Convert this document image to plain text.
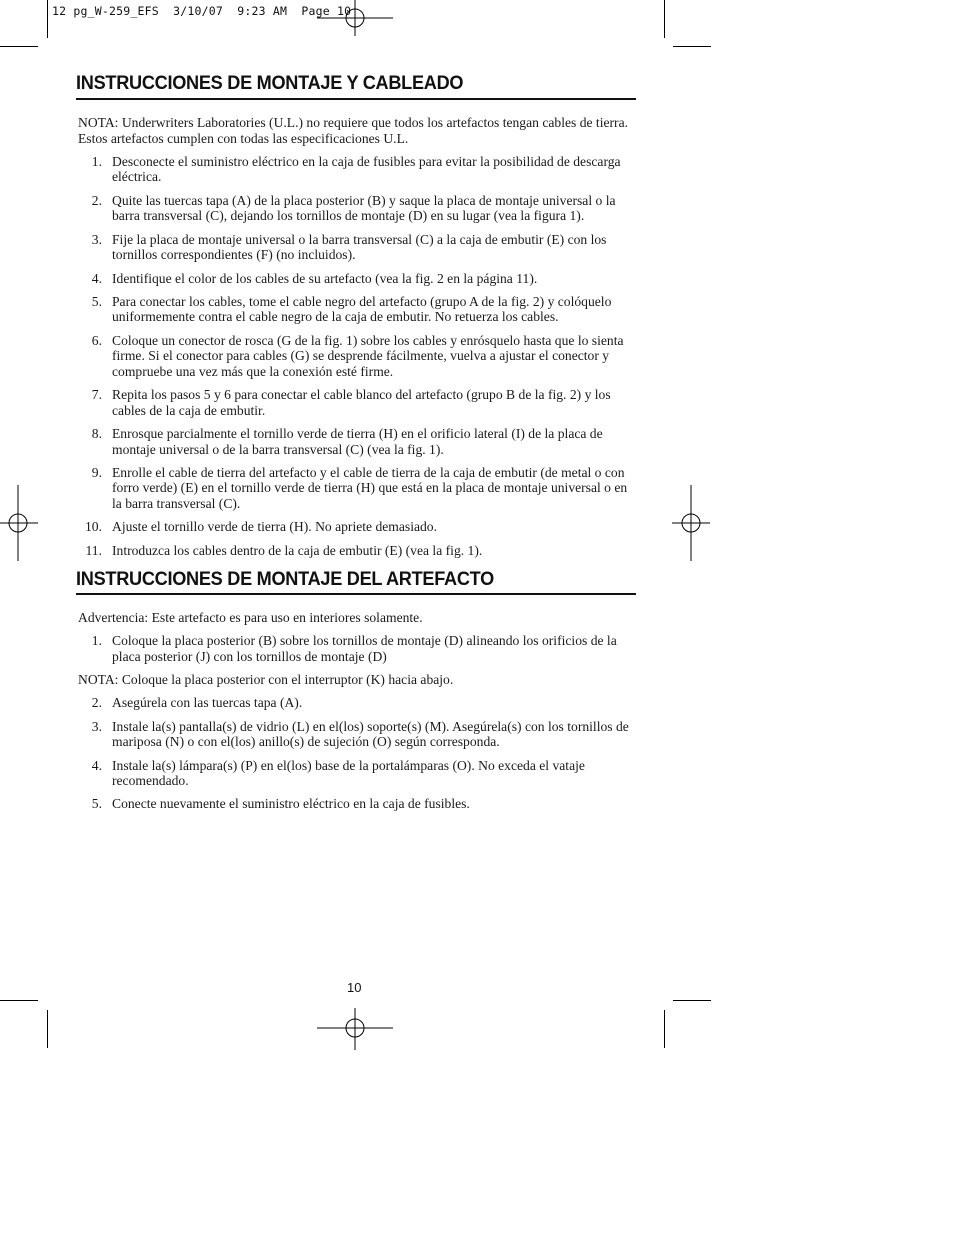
12 pg_W-259_EFS  3/10/07  9:23 AM  Page 10
INSTRUCCIONES DE MONTAJE Y CABLEADO

NOTA: Underwriters Laboratories (U.L.) no requiere que todos los artefactos tengan cables de tierra. Estos artefactos cumplen con todas las especificaciones U.L.

1. Desconecte el suministro eléctrico en la caja de fusibles para evitar la posibilidad de descarga eléctrica.
2. Quite las tuercas tapa (A) de la placa posterior (B) y saque la placa de montaje universal o la barra transversal (C), dejando los tornillos de montaje (D) en su lugar (vea la figura 1).
3. Fije la placa de montaje universal o la barra transversal (C) a la caja de embutir (E) con los tornillos correspondientes (F) (no incluidos).
4. Identifique el color de los cables de su artefacto (vea la fig. 2 en la página 11).
5. Para conectar los cables, tome el cable negro del artefacto (grupo A de la fig. 2) y colóquelo uniformemente contra el cable negro de la caja de embutir. No retuerza los cables.
6. Coloque un conector de rosca (G de la fig. 1) sobre los cables y enrósquelo hasta que lo sienta firme. Si el conector para cables (G) se desprende fácilmente, vuelva a ajustar el conector y compruebe una vez más que la conexión esté firme.
7. Repita los pasos 5 y 6 para conectar el cable blanco del artefacto (grupo B de la fig. 2) y los cables de la caja de embutir.
8. Enrosque parcialmente el tornillo verde de tierra (H) en el orificio lateral (I) de la placa de montaje universal o de la barra transversal (C) (vea la fig. 1).
9. Enrolle el cable de tierra del artefacto y el cable de tierra de la caja de embutir (de metal o con forro verde) (E) en el tornillo verde de tierra (H) que está en la placa de montaje universal o en la barra transversal (C).
10. Ajuste el tornillo verde de tierra (H). No apriete demasiado.
11. Introduzca los cables dentro de la caja de embutir (E) (vea la fig. 1).
INSTRUCCIONES DE MONTAJE DEL ARTEFACTO

Advertencia: Este artefacto es para uso en interiores solamente.

1. Coloque la placa posterior (B) sobre los tornillos de montaje (D) alineando los orificios de la placa posterior (J) con los tornillos de montaje (D)

NOTA: Coloque la placa posterior con el interruptor (K) hacia abajo.

2. Asegúrela con las tuercas tapa (A).
3. Instale la(s) pantalla(s) de vidrio (L) en el(los) soporte(s) (M). Asegúrela(s) con los tornillos de mariposa (N) o con el(los) anillo(s) de sujeción (O) según corresponda.
4. Instale la(s) lámpara(s) (P) en el(los) base de la portalámparas (O). No exceda el vataje recomendado.
5. Conecte nuevamente el suministro eléctrico en la caja de fusibles.
10
